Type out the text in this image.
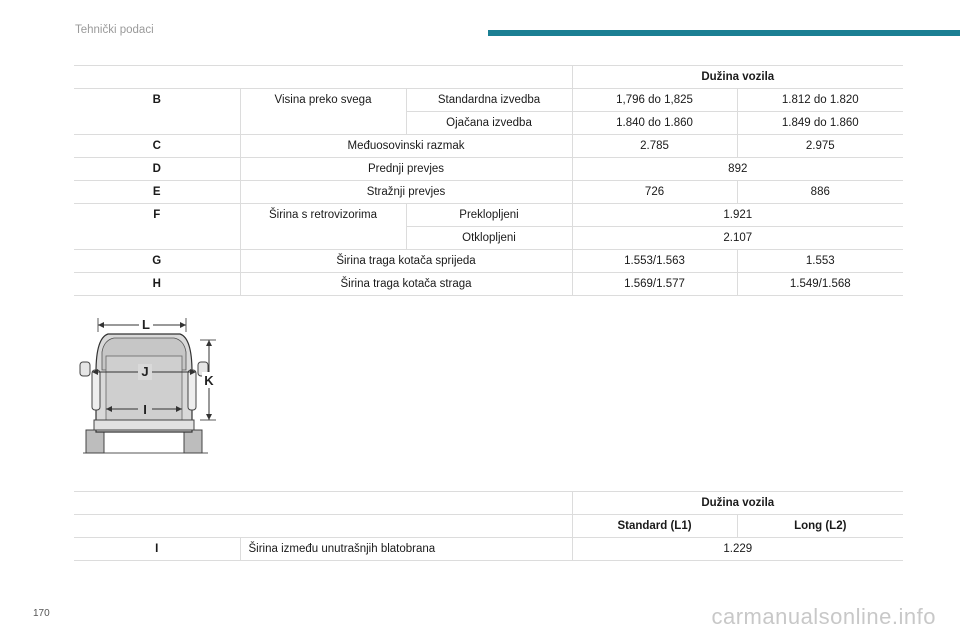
Tehnički podaci
			Dužina vozila	
B	Visina preko svega	Standardna izvedba	1,796 do 1,825	1.812 do 1.820
		Ojačana izvedba	1.840 do 1.860	1.849 do 1.860
C	Međuosovinski razmak		2.785	2.975
D	Prednji prevjes		892	
E	Stražnji prevjes		726	886
F	Širina s retrovizorima	Preklopljeni	1.921	
		Otklopljeni	2.107	
G	Širina traga kotača sprijeda		1.553/1.563	1.553
H	Širina traga kotača straga		1.569/1.577	1.549/1.568
L
J
I
K
		Dužina vozila	
		Standard (L1)	Long (L2)
I	Širina između unutrašnjih blatobrana	1.229	
170	carmanualsonline.info
